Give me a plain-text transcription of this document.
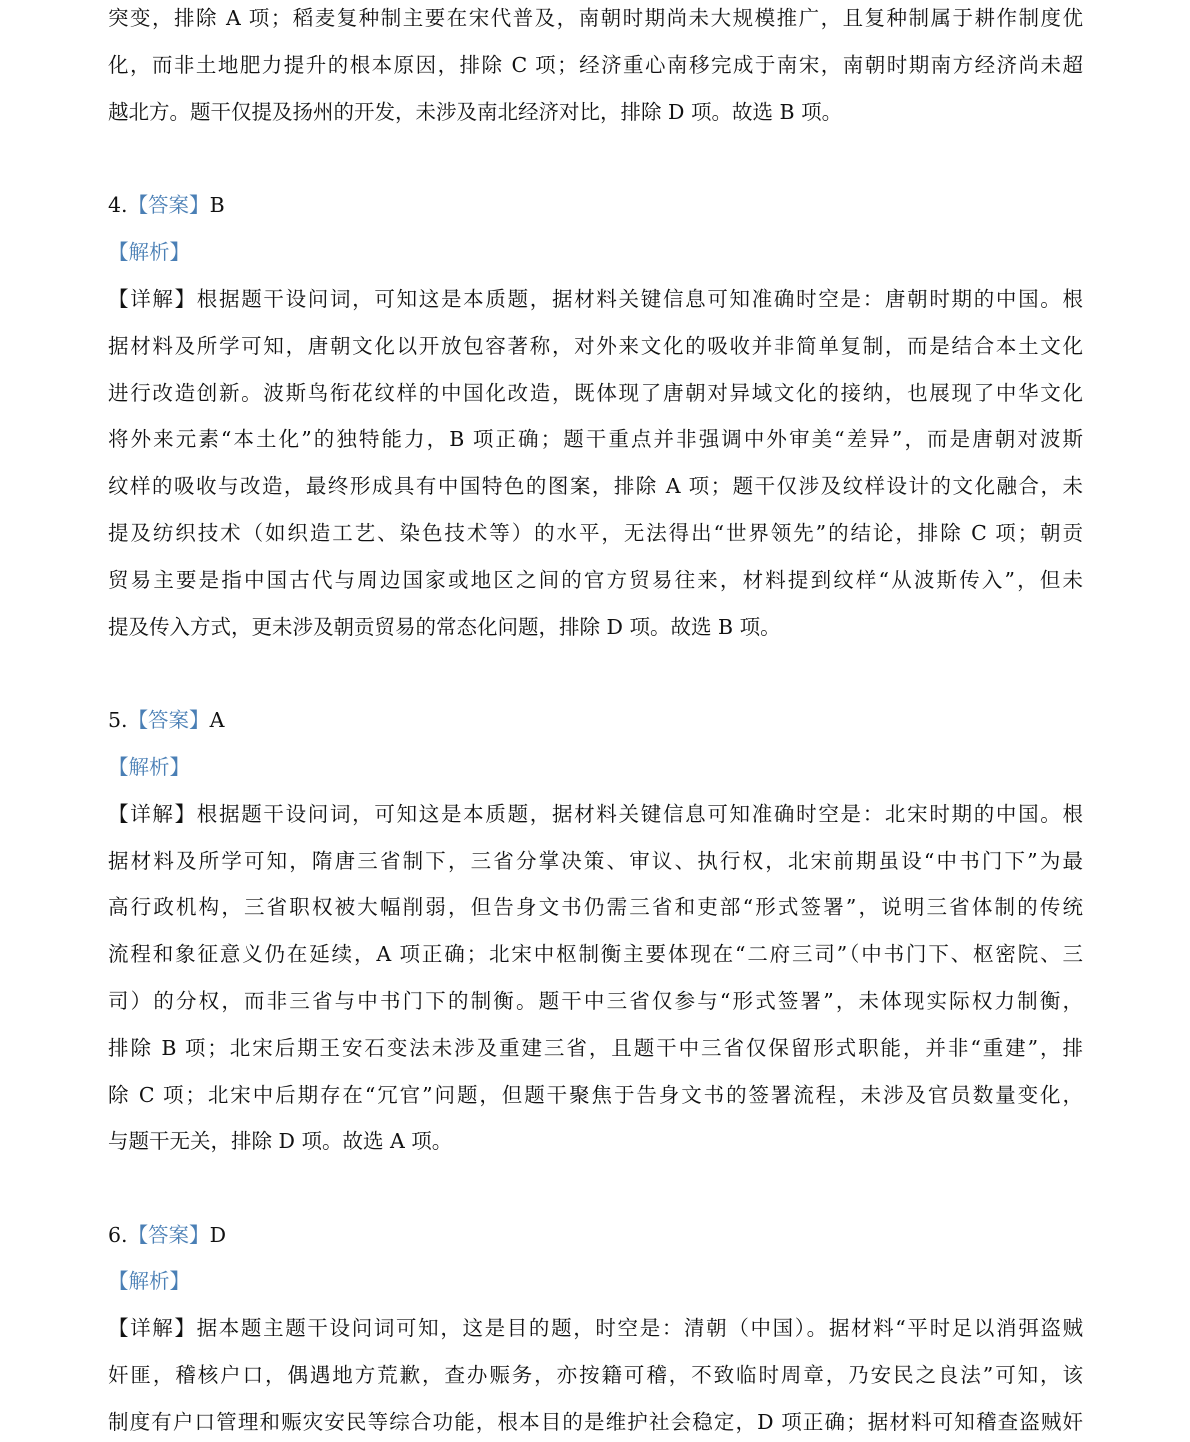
突变，排除 A 项；稻麦复种制主要在宋代普及，南朝时期尚未大规模推广，且复种制属于耕作制度优
化，而非土地肥力提升的根本原因，排除 C 项；经济重心南移完成于南宋，南朝时期南方经济尚未超
越北方。题干仅提及扬州的开发，未涉及南北经济对比，排除 D 项。故选 B 项。
4.【答案】B
【解析】
【详解】根据题干设问词，可知这是本质题，据材料关键信息可知准确时空是：唐朝时期的中国。根
据材料及所学可知，唐朝文化以开放包容著称，对外来文化的吸收并非简单复制，而是结合本土文化
进行改造创新。波斯鸟衔花纹样的中国化改造，既体现了唐朝对异域文化的接纳，也展现了中华文化
将外来元素“本土化”的独特能力，B 项正确；题干重点并非强调中外审美“差异”，而是唐朝对波斯
纹样的吸收与改造，最终形成具有中国特色的图案，排除 A 项；题干仅涉及纹样设计的文化融合，未
提及纺织技术（如织造工艺、染色技术等）的水平，无法得出“世界领先”的结论，排除 C 项；朝贡
贸易主要是指中国古代与周边国家或地区之间的官方贸易往来，材料提到纹样“从波斯传入”，但未
提及传入方式，更未涉及朝贡贸易的常态化问题，排除 D 项。故选 B 项。
5.【答案】A
【解析】
【详解】根据题干设问词，可知这是本质题，据材料关键信息可知准确时空是：北宋时期的中国。根
据材料及所学可知，隋唐三省制下，三省分掌决策、审议、执行权，北宋前期虽设“中书门下”为最
高行政机构，三省职权被大幅削弱，但告身文书仍需三省和吏部“形式签署”，说明三省体制的传统
流程和象征意义仍在延续，A 项正确；北宋中枢制衡主要体现在“二府三司”（中书门下、枢密院、三
司）的分权，而非三省与中书门下的制衡。题干中三省仅参与“形式签署”，未体现实际权力制衡，
排除 B 项；北宋后期王安石变法未涉及重建三省，且题干中三省仅保留形式职能，并非“重建”，排
除 C 项；北宋中后期存在“冗官”问题，但题干聚焦于告身文书的签署流程，未涉及官员数量变化，
与题干无关，排除 D 项。故选 A 项。
6.【答案】D
【解析】
【详解】据本题主题干设问词可知，这是目的题，时空是：清朝（中国）。据材料“平时足以消弭盗贼
奸匪，稽核户口，偶遇地方荒歉，查办赈务，亦按籍可稽，不致临时周章，乃安民之良法”可知，该
制度有户口管理和赈灾安民等综合功能，根本目的是维护社会稳定，D 项正确；据材料可知稽查盗贼奸
